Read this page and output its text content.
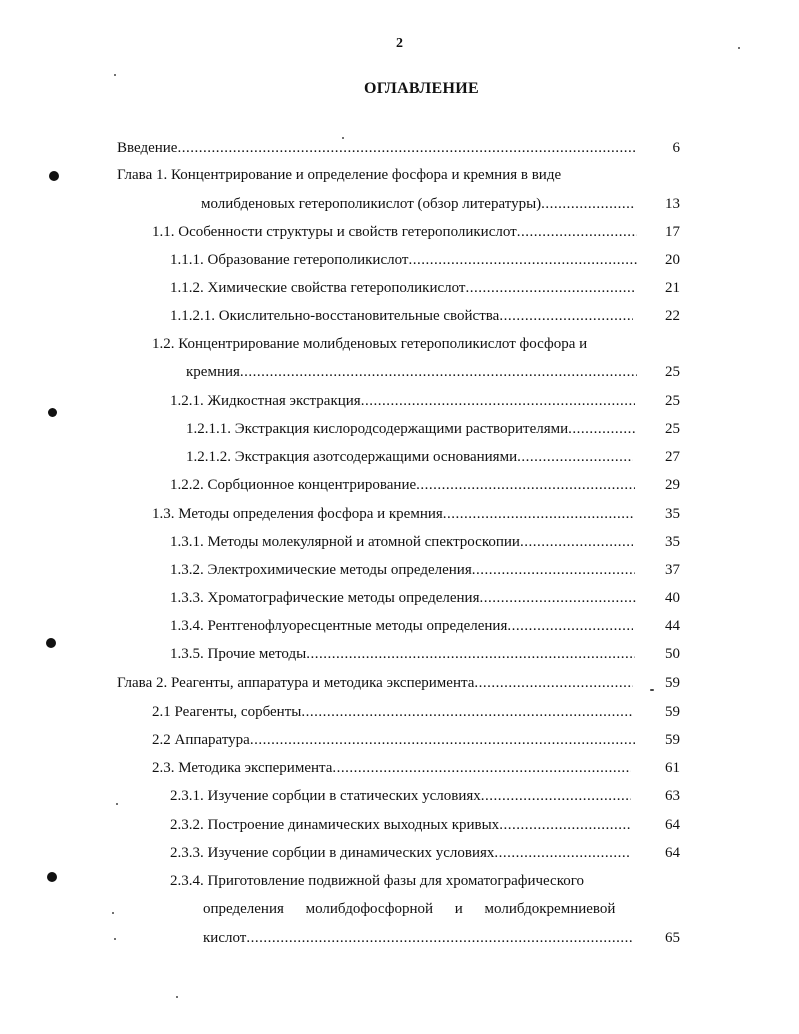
2
ОГЛАВЛЕНИЕ
Введение .....	6
Глава 1. Концентрирование и определение фосфора и кремния в виде
молибденовых гетерополикислот (обзор литературы) .....	13
1.1. Особенности структуры и свойств гетерополикислот .....	17
1.1.1. Образование гетерополикислот .....	20
1.1.2. Химические свойства гетерополикислот .....	21
1.1.2.1. Окислительно-восстановительные свойства .....	22
1.2. Концентрирование молибденовых гетерополикислот фосфора и
кремния .....	25
1.2.1. Жидкостная экстракция .....	25
1.2.1.1. Экстракция кислородсодержащими растворителями .....	25
1.2.1.2. Экстракция азотсодержащими основаниями .....	27
1.2.2. Сорбционное концентрирование .....	29
1.3. Методы определения фосфора и кремния .....	35
1.3.1. Методы молекулярной и атомной спектроскопии .....	35
1.3.2. Электрохимические методы определения .....	37
1.3.3. Хроматографические методы определения .....	40
1.3.4. Рентгенофлуоресцентные методы определения .....	44
1.3.5. Прочие методы .....	50
Глава 2. Реагенты, аппаратура и методика эксперимента .....	59
2.1 Реагенты, сорбенты .....	59
2.2 Аппаратура .....	59
2.3. Методика эксперимента .....	61
2.3.1. Изучение сорбции в статических условиях .....	63
2.3.2. Построение динамических выходных кривых .....	64
2.3.3. Изучение сорбции в динамических условиях .....	64
2.3.4. Приготовление подвижной фазы для хроматографического
определения молибдофосфорной и молибдокремниевой
кислот .....	65
